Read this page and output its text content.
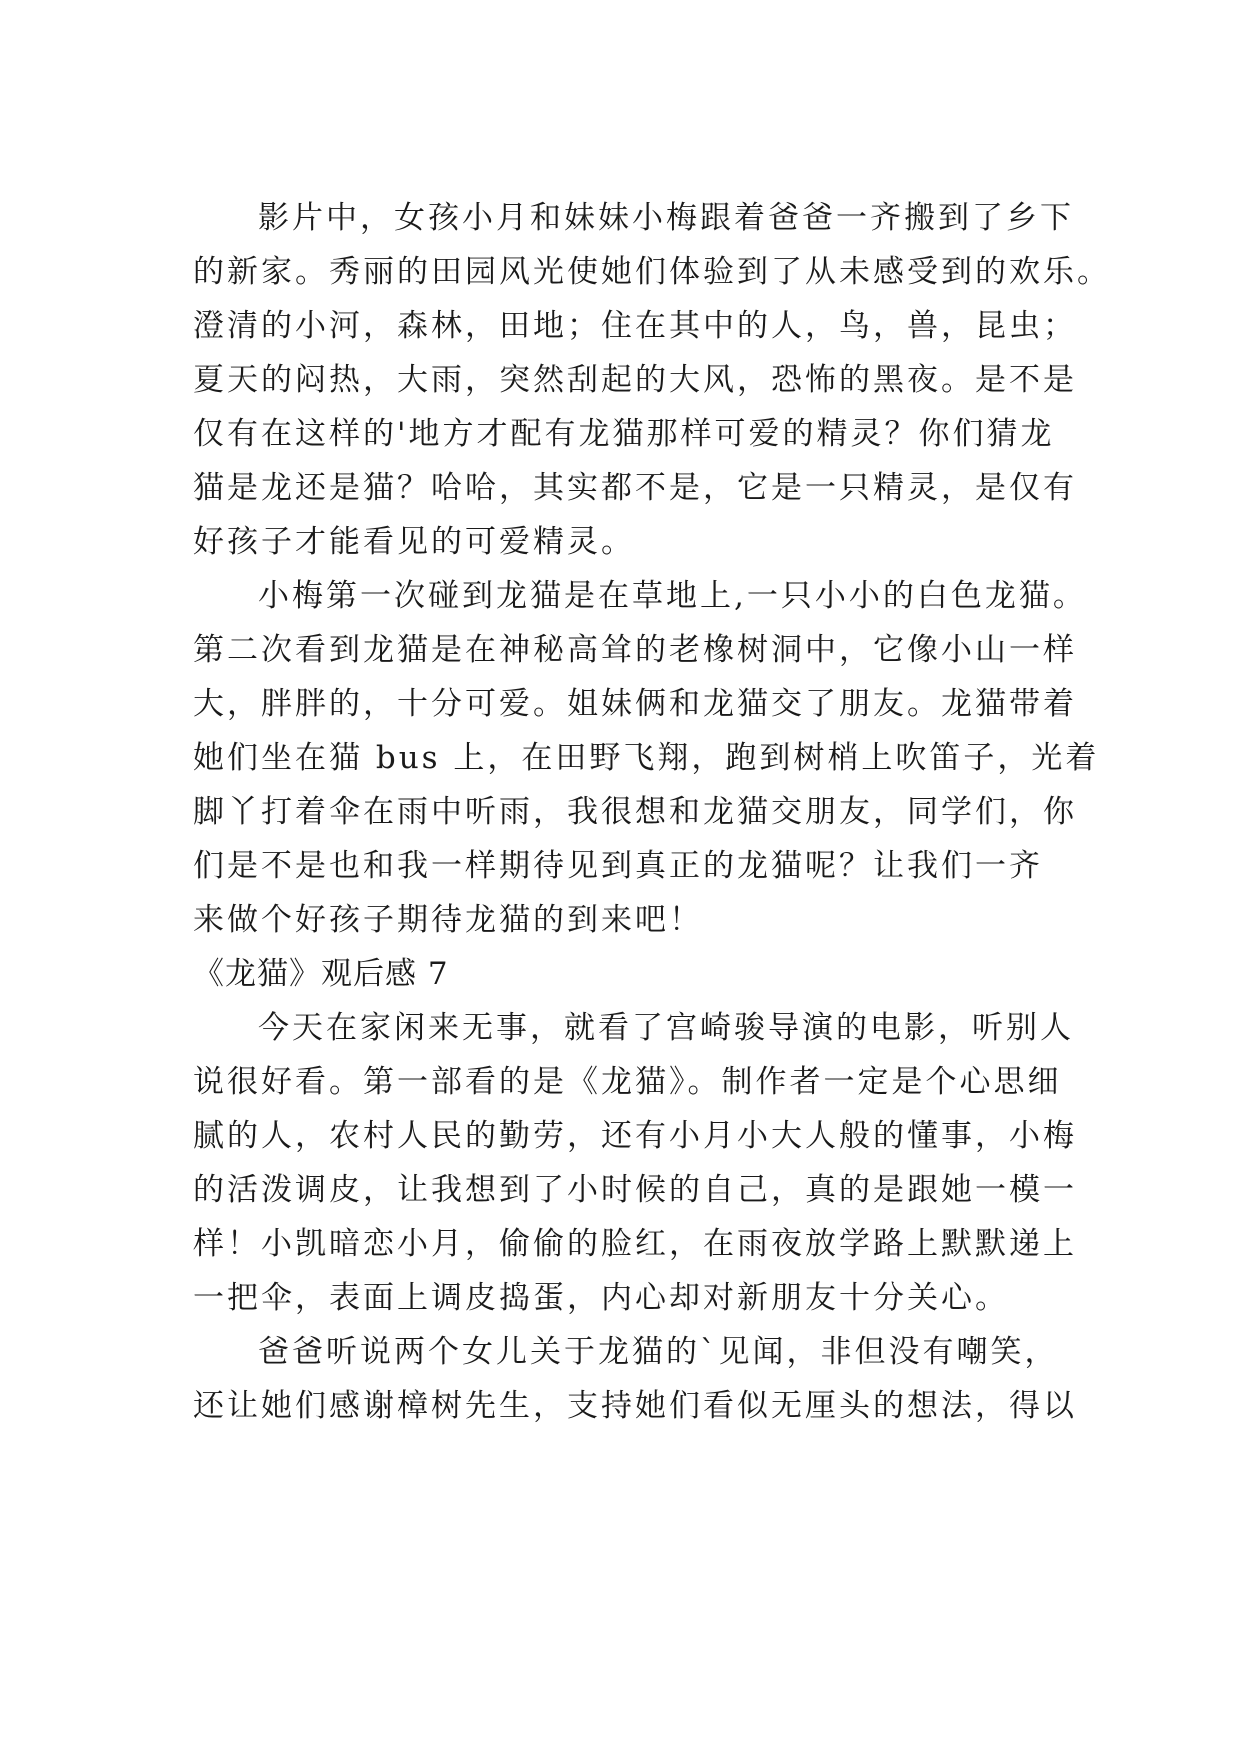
影片中，女孩小月和妹妹小梅跟着爸爸一齐搬到了乡下
的新家。秀丽的田园风光使她们体验到了从未感受到的欢乐。
澄清的小河，森林，田地；住在其中的人，鸟，兽，昆虫；
夏天的闷热，大雨，突然刮起的大风，恐怖的黑夜。是不是
仅有在这样的'地方才配有龙猫那样可爱的精灵？你们猜龙
猫是龙还是猫？哈哈，其实都不是，它是一只精灵，是仅有
好孩子才能看见的可爱精灵。
小梅第一次碰到龙猫是在草地上,一只小小的白色龙猫。
第二次看到龙猫是在神秘高耸的老橡树洞中，它像小山一样
大，胖胖的，十分可爱。姐妹俩和龙猫交了朋友。龙猫带着
她们坐在猫 bus 上，在田野飞翔，跑到树梢上吹笛子，光着
脚丫打着伞在雨中听雨，我很想和龙猫交朋友，同学们，你
们是不是也和我一样期待见到真正的龙猫呢？让我们一齐
来做个好孩子期待龙猫的到来吧！
《龙猫》观后感 7
今天在家闲来无事，就看了宫崎骏导演的电影，听别人
说很好看。第一部看的是《龙猫》。制作者一定是个心思细
腻的人，农村人民的勤劳，还有小月小大人般的懂事，小梅
的活泼调皮，让我想到了小时候的自己，真的是跟她一模一
样！小凯暗恋小月，偷偷的脸红，在雨夜放学路上默默递上
一把伞，表面上调皮捣蛋，内心却对新朋友十分关心。
爸爸听说两个女儿关于龙猫的`见闻，非但没有嘲笑，
还让她们感谢樟树先生，支持她们看似无厘头的想法，得以
